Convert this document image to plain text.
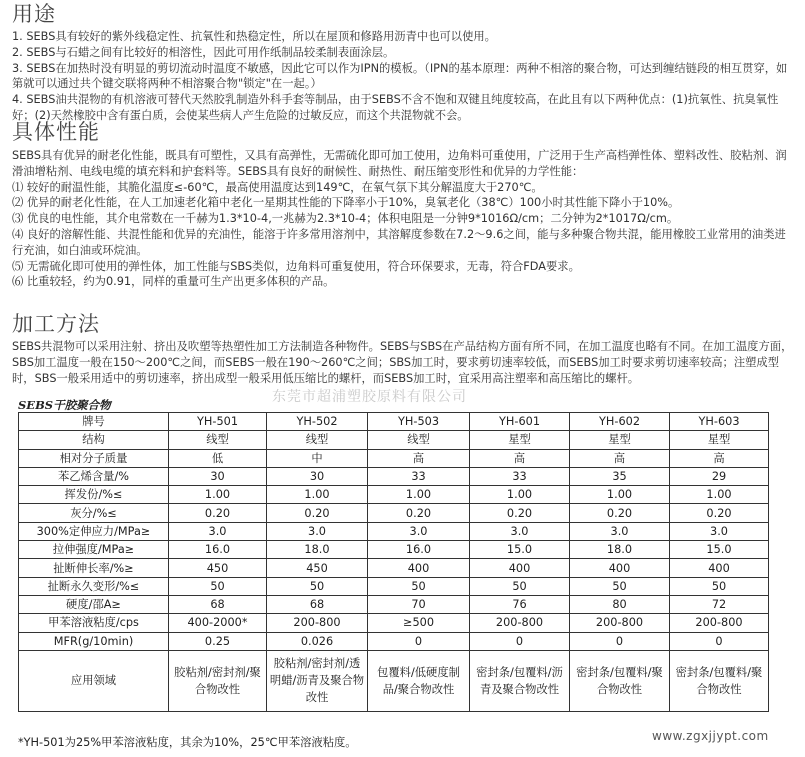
用途

1. SEBS具有较好的紫外线稳定性、抗氧性和热稳定性，所以在屋顶和修路用沥青中也可以使用。

2. SEBS与石蜡之间有比较好的相溶性，因此可用作纸制品较柔制表面涂层。

3. SEBS在加热时没有明显的剪切流动时温度不敏感，因此它可以作为IPN的模板。（IPN的基本原理：两种不相溶的聚合物，可达到缠结链段的相互贯穿，如第就可以通过共个键交联将两种不相溶聚合物"锁定"在一起。）

4. SEBS油共混物的有机溶液可替代天然胶乳制造外科手套等制品，由于SEBS不含不饱和双键且纯度较高，在此且有以下两种优点：(1)抗氧性、抗臭氧性好；(2)天然橡胶中含有蛋白质，会使某些病人产生危险的过敏反应，而这个共混物就不会。

具体性能

SEBS具有优异的耐老化性能，既具有可塑性，又具有高弹性，无需硫化即可加工使用，边角料可重使用，广泛用于生产高档弹性体、塑料改性、胶粘剂、润滑油增粘剂、电线电缆的填充料和护套料等。SEBS具有良好的耐候性、耐热性、耐压缩变形性和优异的力学性能：

⑴ 较好的耐温性能，其脆化温度≤-60℃，最高使用温度达到149℃，在氧气氛下其分解温度大于270℃。

⑵ 优异的耐老化性能，在人工加速老化箱中老化一星期其性能的下降率小于10%，臭氧老化（38℃）100小时其性能下降小于10%。

⑶ 优良的电性能，其介电常数在一千赫为1.3*10-4,一兆赫为2.3*10-4；体积电阻是一分钟9*1016Ω/cm；二分钟为2*1017Ω/cm。

⑷ 良好的溶解性能、共混性能和优异的充油性，能溶于许多常用溶剂中，其溶解度参数在7.2～9.6之间，能与多种聚合物共混，能用橡胶工业常用的油类进行充油，如白油或环烷油。

⑸ 无需硫化即可使用的弹性体，加工性能与SBS类似，边角料可重复使用，符合环保要求，无毒，符合FDA要求。

⑹ 比重较轻，约为0.91，同样的重量可生产出更多体积的产品。

加工方法

SEBS共混物可以采用注射、挤出及吹塑等热塑性加工方法制造各种物件。SEBS与SBS在产品结构方面有所不同，在加工温度也略有不同。在加工温度方面，SBS加工温度一般在150～200℃之间，而SEBS一般在190～260℃之间；SBS加工时，要求剪切速率较低，而SEBS加工时要求剪切速率较高；注塑成型时，SBS一般采用适中的剪切速率，挤出成型一般采用低压缩比的螺杆，而SEBS加工时，宜采用高注塑率和高压缩比的螺杆。

东莞市超浦塑胶原料有限公司
SEBS干胶聚合物
牌号	YH-501	YH-502	YH-503	YH-601	YH-602	YH-603
结构	线型	线型	线型	星型	星型	星型
相对分子质量	低	中	高	高	高	高
苯乙烯含量/%	30	30	33	33	35	29
挥发份/%≤	1.00	1.00	1.00	1.00	1.00	1.00
灰分/%≤	0.20	0.20	0.20	0.20	0.20	0.20
300%定伸应力/MPa≥	3.0	3.0	3.0	3.0	3.0	3.0
拉伸强度/MPa≥	16.0	18.0	16.0	15.0	18.0	15.0
扯断伸长率/%≥	450	450	400	400	400	400
扯断永久变形/%≤	50	50	50	50	50	50
硬度/邵A≥	68	68	70	76	80	72
甲苯溶液粘度/cps	400-2000*	200-800	≥500	200-800	200-800	200-800
MFR(g/10min)	0.25	0.026	0	0	0	0
应用领域	胶粘剂/密封剂/聚合物改性	胶粘剂/密封剂/透明蜡/沥青及聚合物改性	包覆料/低硬度制品/聚合物改性	密封条/包覆料/沥青及聚合物改性	密封条/包覆料/聚合物改性	密封条/包覆料/聚合物改性
*YH-501为25%甲苯溶液粘度，其余为10%，25℃甲苯溶液粘度。	www.zgxjjypt.com
